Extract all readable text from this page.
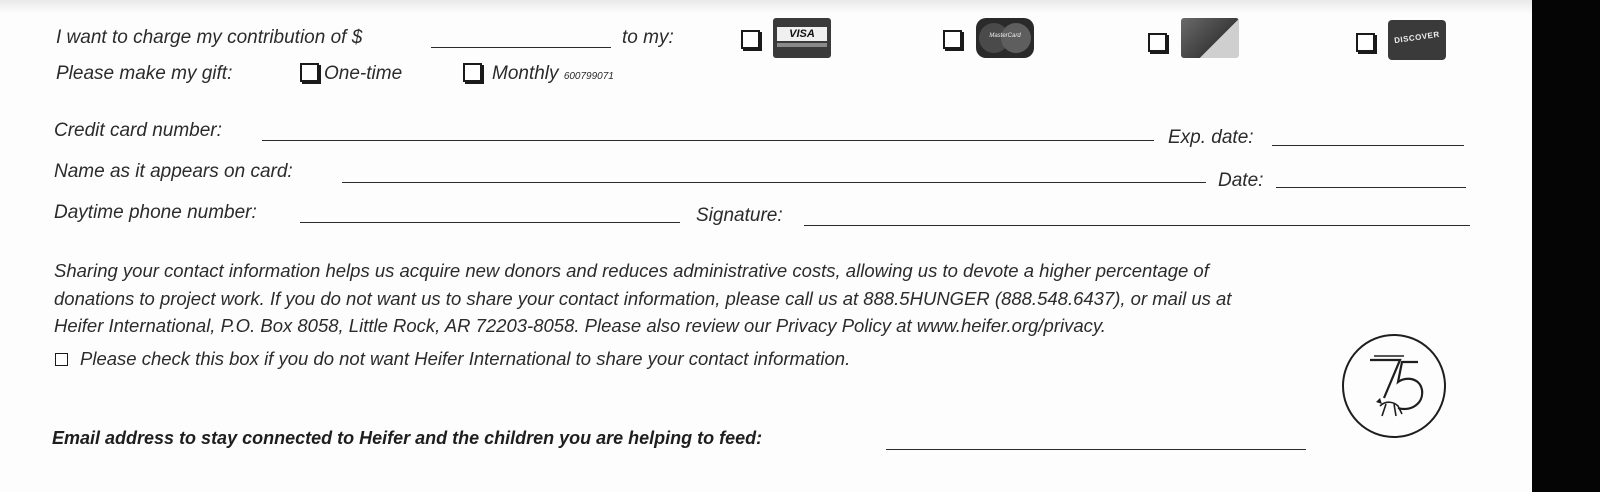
I want to charge my contribution of $	to my:	VISA	MasterCard	DISCOVER
Please make my gift:	One-time	Monthly 600799071
Credit card number:	Exp. date:
Name as it appears on card:	Date:
Daytime phone number:	Signature:
Sharing your contact information helps us acquire new donors and reduces administrative costs, allowing us to devote a higher percentage of
donations to project work. If you do not want us to share your contact information, please call us at 888.5HUNGER (888.548.6437), or mail us at
Heifer International, P.O. Box 8058, Little Rock, AR 72203-8058. Please also review our Privacy Policy at www.heifer.org/privacy.
Please check this box if you do not want Heifer International to share your contact information.
Email address to stay connected to Heifer and the children you are helping to feed:
